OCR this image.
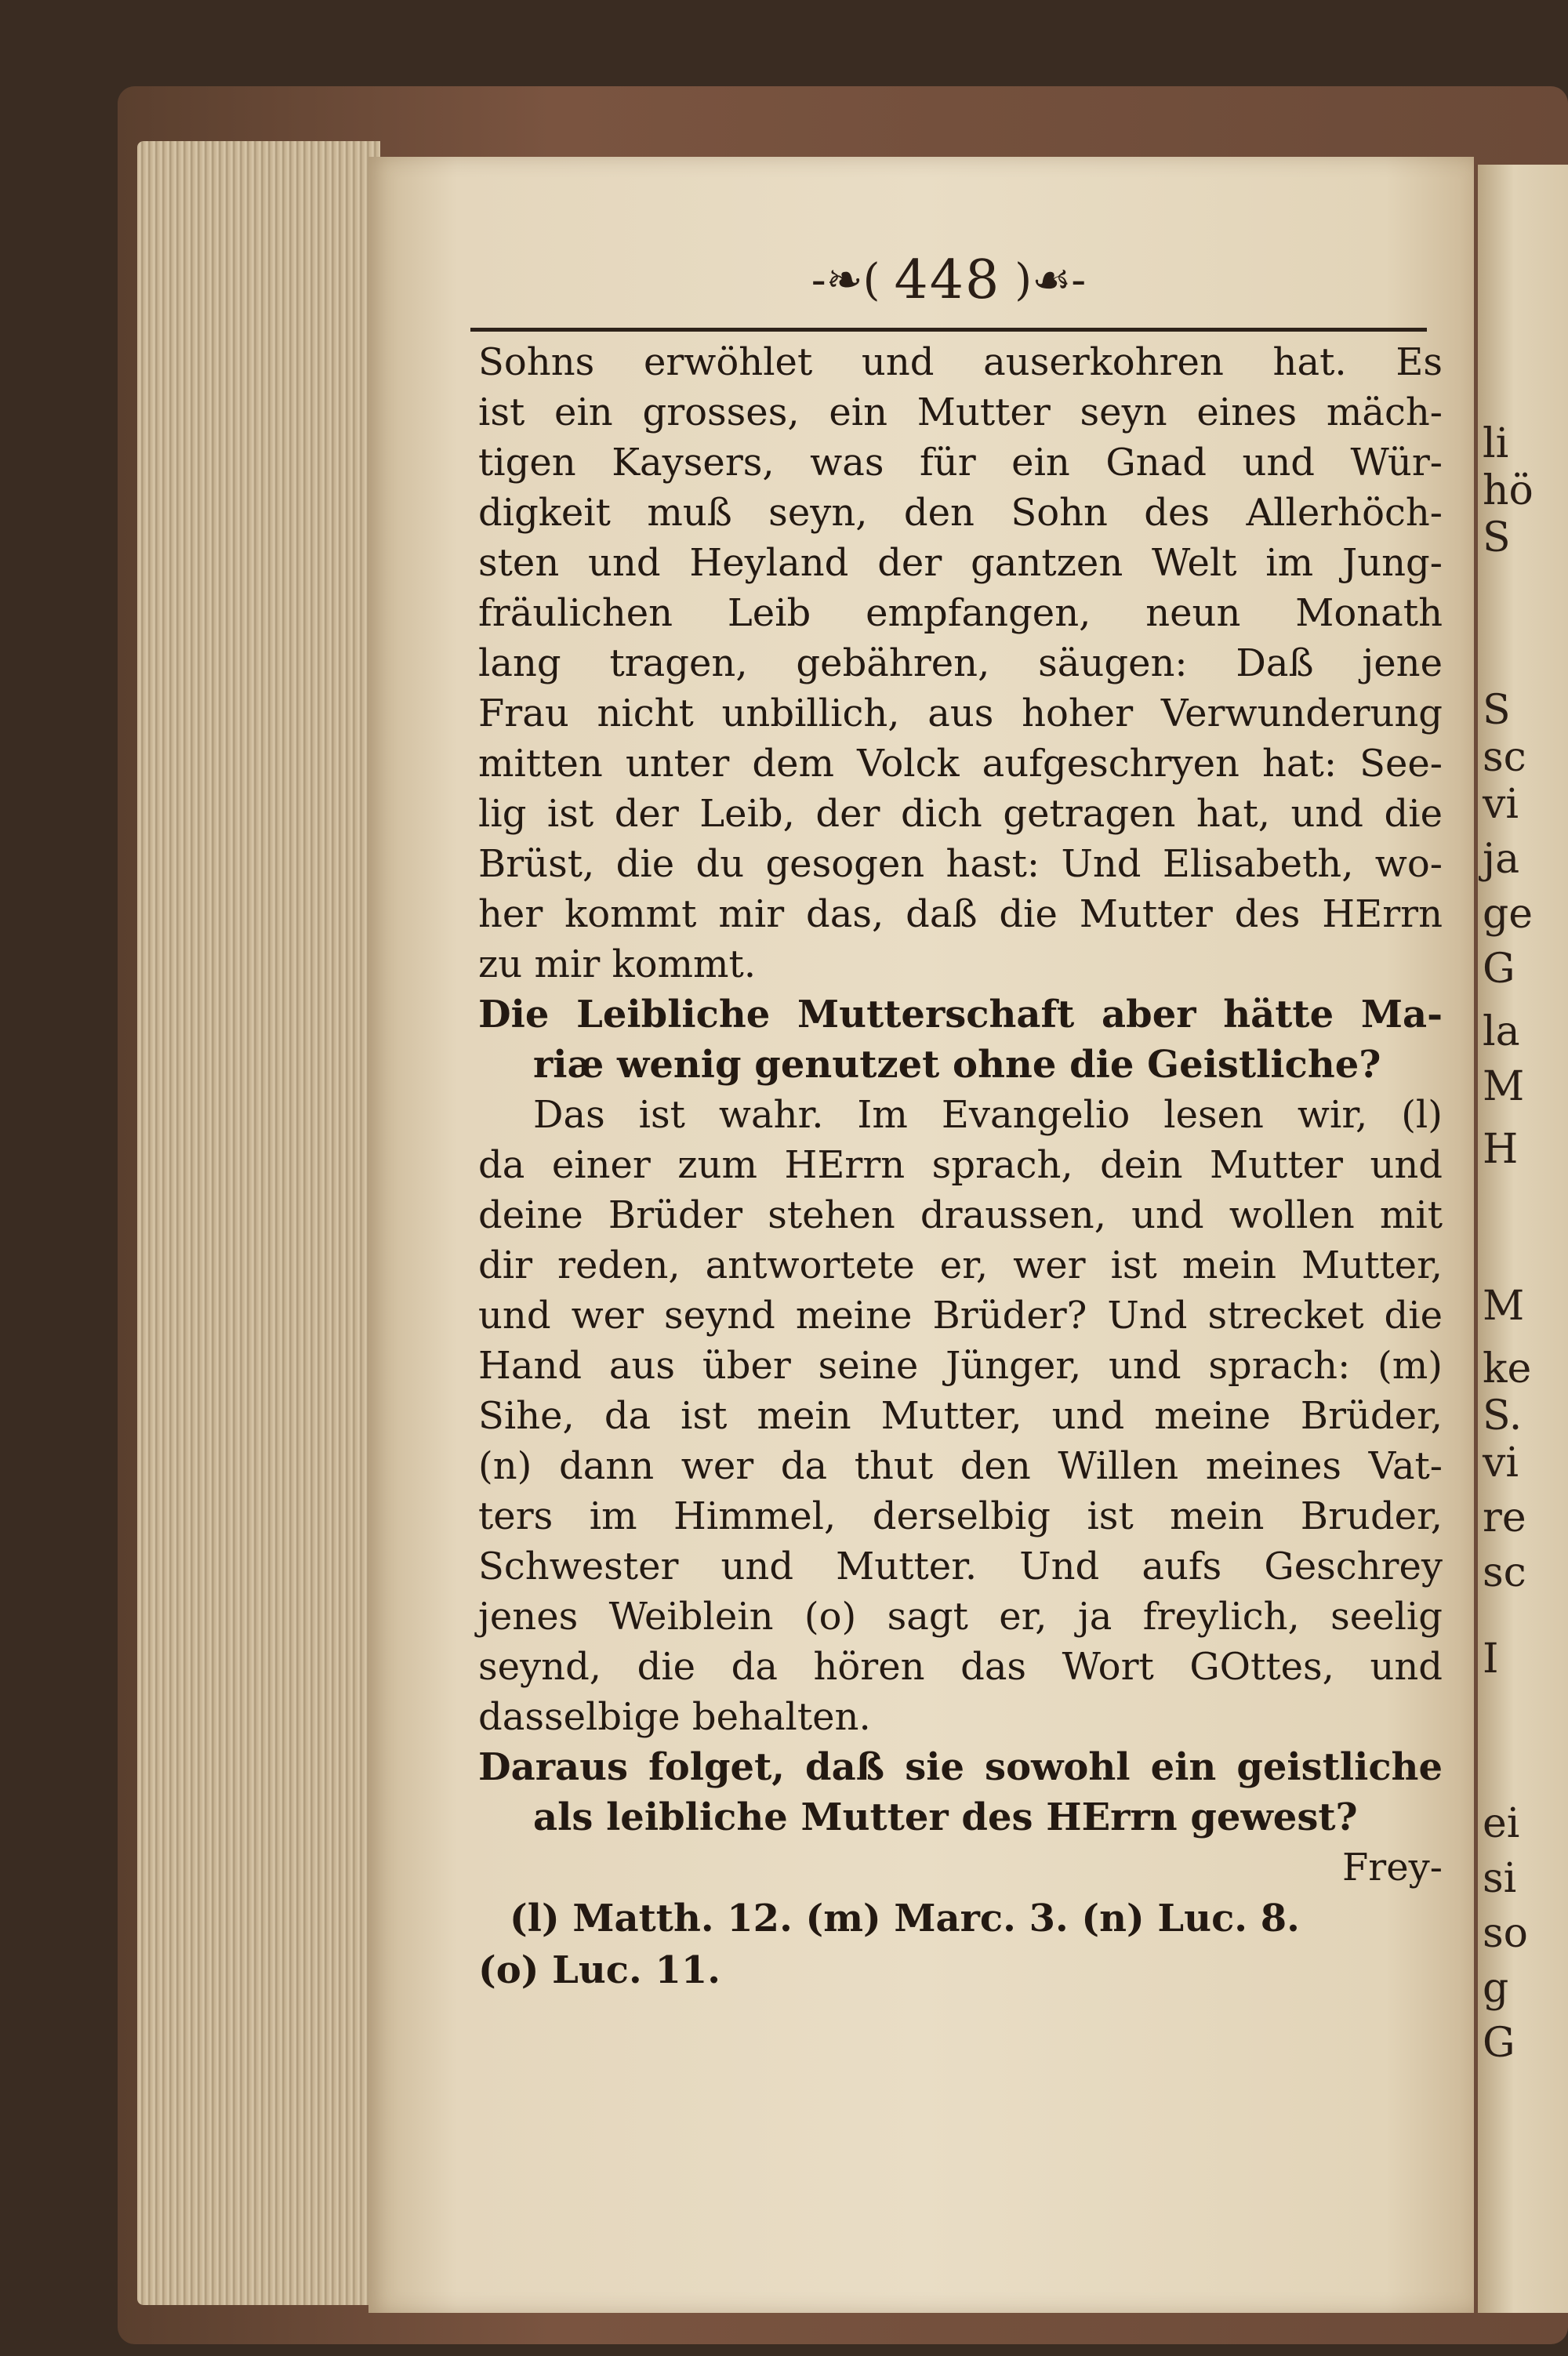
li
hö
S
S
sc
vi
ja
ge
G
la
M
H
M
ke
S.
vi
re
sc
I
ei
si
so
g
G
-❧( 448 )☙-
Sohns erwöhlet und auserkohren hat. Es
ist ein grosses, ein Mutter seyn eines mäch-
tigen Kaysers, was für ein Gnad und Wür-
digkeit muß seyn, den Sohn des Allerhöch-
sten und Heyland der gantzen Welt im Jung-
fräulichen Leib empfangen, neun Monath
lang tragen, gebähren, säugen: Daß jene
Frau nicht unbillich, aus hoher Verwunderung
mitten unter dem Volck aufgeschryen hat: See-
lig ist der Leib, der dich getragen hat, und die
Brüst, die du gesogen hast: Und Elisabeth, wo-
her kommt mir das, daß die Mutter des HErrn
zu mir kommt.
Die Leibliche Mutterschaft aber hätte Ma-
riæ wenig genutzet ohne die Geistliche?
Das ist wahr. Im Evangelio lesen wir, (l)
da einer zum HErrn sprach, dein Mutter und
deine Brüder stehen draussen, und wollen mit
dir reden, antwortete er, wer ist mein Mutter,
und wer seynd meine Brüder? Und strecket die
Hand aus über seine Jünger, und sprach: (m)
Sihe, da ist mein Mutter, und meine Brüder,
(n) dann wer da thut den Willen meines Vat-
ters im Himmel, derselbig ist mein Bruder,
Schwester und Mutter. Und aufs Geschrey
jenes Weiblein (o) sagt er, ja freylich, seelig
seynd, die da hören das Wort GOttes, und
dasselbige behalten.
Daraus folget, daß sie sowohl ein geistliche
als leibliche Mutter des HErrn gewest?
Frey-
(l) Matth. 12. (m) Marc. 3. (n) Luc. 8.
(o) Luc. 11.
